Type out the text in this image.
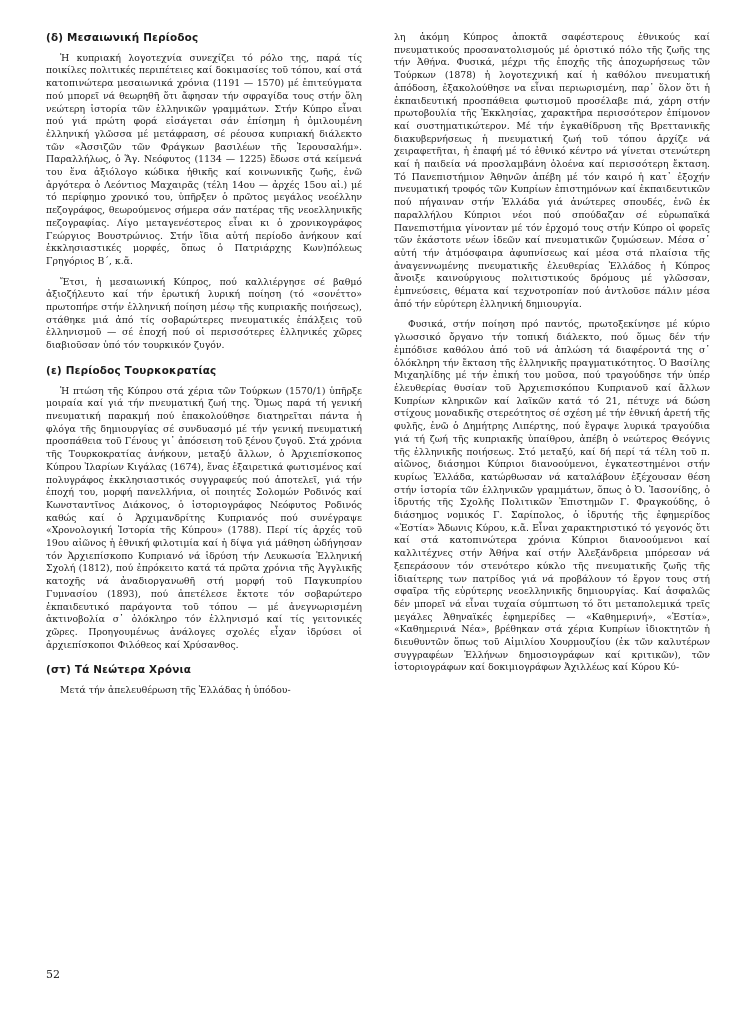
(δ) Μεσαιωνική Περίοδος

Ἡ κυπριακή λογοτεχνία συνεχίζει τό ρόλο της, παρά τίς ποικίλες πολιτικές περιπέτειες καί δοκιμασίες τοῦ τόπου, καί στά κατοπινώτερα μεσαιωνικά χρόνια (1191 — 1570) μέ ἐπιτεύγματα πού μπορεῖ νά θεωρηθῆ ὅτι ἄφησαν τήν σφραγίδα τους στήν ὅλη νεώτερη ἱστορία τῶν ἑλληνικῶν γραμμάτων. Στήν Κύπρο εἶναι πού γιά πρώτη φορά εἰσάγεται σάν ἐπίσημη ἡ ὁμιλουμένη ἑλληνική γλῶσσα μέ μετάφραση, σέ ρέουσα κυπριακή διάλεκτο τῶν «Ἀσσιζῶν τῶν Φράγκων βασιλέων τῆς Ἱερουσαλήμ». Παραλλήλως, ὁ Ἅγ. Νεόφυτος (1134 — 1225) ἔδωσε στά κείμενά του ἕνα ἀξιόλογο κώδικα ἠθικῆς καί κοινωνικῆς ζωῆς, ἐνῶ ἀργότερα ὁ Λεόντιος Μαχαιρᾶς (τέλη 14ου — ἀρχές 15ου αἰ.) μέ τό περίφημο χρονικό του, ὑπῆρξεν ὁ πρῶτος μεγάλος νεοέλλην πεζογράφος, θεωρούμενος σήμερα σάν πατέρας τῆς νεοελληνικῆς πεζογραφίας. Λίγο μεταγενέστερος εἶναι κι ὁ χρονικογράφος Γεώργιος Βουστρώνιος. Στήν ἴδια αὐτή περίοδο ἀνήκουν καί ἐκκλησιαστικές μορφές, ὅπως ὁ Πατριάρχης Κων)πόλεως Γρηγόριος Β΄, κ.ἄ.

Ἔτσι, ἡ μεσαιωνική Κύπρος, πού καλλιέργησε σέ βαθμό ἀξιοζήλευτο καί τήν ἐρωτική λυρική ποίηση (τό «σονέττο» πρωτοπήρε στήν ἑλληνική ποίηση μέσῳ τῆς κυπριακῆς ποιήσεως), στάθηκε μιά ἀπό τίς σοβαρώτερες πνευματικές ἐπάλξεις τοῦ ἑλληνισμοῦ — σέ ἐποχή πού οἱ περισσότερες ἑλληνικές χῶρες διαβιοῦσαν ὑπό τόν τουρκικόν ζυγόν.

(ε) Περίοδος Τουρκοκρατίας

Ἡ πτώση τῆς Κύπρου στά χέρια τῶν Τούρκων (1570/1) ὑπῆρξε μοιραία καί γιά τήν πνευματική ζωή της. Ὅμως παρά τή γενική πνευματική παρακμή πού ἐπακολούθησε διατηρεῖται πάντα ἡ φλόγα τῆς δημιουργίας σέ συνδυασμό μέ τήν γενική πνευματική προσπάθεια τοῦ Γένους γι᾽ ἀπόσειση τοῦ ξένου ζυγοῦ. Στά χρόνια τῆς Τουρκοκρατίας ἀνήκουν, μεταξύ ἄλλων, ὁ Ἀρχιεπίσκοπος Κύπρου Ἰλαρίων Κιγάλας (1674), ἕνας ἐξαιρετικά φωτισμένος καί πολυγράφος ἐκκλησιαστικός συγγραφεύς πού ἀποτελεῖ, γιά τήν ἐποχή του, μορφή πανελλήνια, οἱ ποιητές Σολομών Ροδινός καί Κωνσταντῖνος Διάκονος, ὁ ἱστοριογράφος Νεόφυτος Ροδινός καθώς καί ὁ Ἀρχιμανδρίτης Κυπριανός πού συνέγραψε «Χρονολογική Ἱστορία τῆς Κύπρου» (1788). Περί τίς ἀρχές τοῦ 19ου αἰῶνος ἡ ἐθνική φιλοτιμία καί ἡ δίψα γιά μάθηση ὡδήγησαν τόν Ἀρχιεπίσκοπο Κυπριανό νά ἱδρύση τήν Λευκωσία Ἑλληνική Σχολή (1812), πού ἐπρόκειτο κατά τά πρῶτα χρόνια τῆς Ἀγγλικῆς κατοχῆς νά ἀναδιοργανωθῆ στή μορφή τοῦ Παγκυπρίου Γυμνασίου (1893), πού ἀπετέλεσε ἔκτοτε τόν σοβαρώτερο ἐκπαιδευτικό παράγοντα τοῦ τόπου — μέ ἀνεγνωρισμένη ἀκτινοβολία σ᾽ ὁλόκληρο τόν ἑλληνισμό καί τίς γειτονικές χῶρες. Προηγουμένως ἀνάλογες σχολές εἶχαν ἱδρύσει οἱ ἀρχιεπίσκοποι Φιλόθεος καί Χρύσανθος.

(στ) Τά Νεώτερα Χρόνια

Μετά τήν ἀπελευθέρωση τῆς Ἑλλάδας ἡ ὑπόδου-

λη ἀκόμη Κύπρος ἀποκτᾶ σαφέστερους ἐθνικούς καί πνευματικούς προσανατολισμούς μέ ὁριστικό πόλο τῆς ζωῆς της τήν Ἀθήνα. Φυσικά, μέχρι τῆς ἐποχῆς τῆς ἀποχωρήσεως τῶν Τούρκων (1878) ἡ λογοτεχνική καί ἡ καθόλου πνευματική ἀπόδοση, ἐξακολούθησε να εἶναι περιωρισμένη, παρ᾽ ὅλον ὅτι ἡ ἐκπαιδευτική προσπάθεια φωτισμοῦ προσέλαβε πιά, χάρη στήν πρωτοβουλία τῆς Ἐκκλησίας, χαρακτῆρα περισσότερον ἐπίμονον καί συστηματικώτερον. Μέ τήν ἐγκαθίδρυση τῆς Βρεττανικῆς διακυβερνήσεως ἡ πνευματική ζωή τοῦ τόπου ἀρχίζε νά χειραφετῆται, ἡ ἐπαφή μέ τό ἐθνικό κέντρο νά γίνεται στενώτερη καί ἡ παιδεία νά προσλαμβάνη ὁλοένα καί περισσότερη ἔκταση. Τό Πανεπιστήμιον Ἀθηνῶν ἀπέβη μέ τόν καιρό ἡ κατ᾽ ἐξοχήν πνευματική τροφός τῶν Κυπρίων ἐπιστημόνων καί ἐκπαιδευτικῶν πού πήγαιναν στήν Ἑλλάδα γιά ἀνώτερες σπουδές, ἐνῶ ἐκ παραλλήλου Κύπριοι νέοι πού σπούδαζαν σέ εὐρωπαϊκά Πανεπιστήμια γίνονταν μέ τόν ἐρχομό τους στήν Κύπρο οἱ φορεῖς τῶν ἑκάστοτε νέων ἰδεῶν καί πνευματικῶν ζυμώσεων. Μέσα σ᾽ αὐτή τήν ἀτμόσφαιρα ἀφυπνίσεως καί μέσα στά πλαίσια τῆς ἀναγεννωμένης πνευματικῆς ἐλευθερίας Ἑλλάδος ἡ Κύπρος ἄνοιξε καινούργιους πολιτιστικούς δρόμους μέ γλῶσσαν, ἐμπνεύσεις, θέματα καί τεχνοτροπίαν πού ἀντλοῦσε πάλιν μέσα ἀπό τήν εὐρύτερη ἑλληνική δημιουργία.

Φυσικά, στήν ποίηση πρό παντός, πρωτοξεκίνησε μέ κύριο γλωσσικό ὄργανο τήν τοπική διάλεκτο, πού ὅμως δέν τήν ἐμπόδισε καθόλου ἀπό τοῦ νά ἀπλώση τά διαφέροντά της σ᾽ ὁλόκληρη τήν ἔκταση τῆς ἑλληνικῆς πραγματικότητος. Ὁ Βασίλης Μιχαηλίδης μέ τήν ἐπική του μοῦσα, πού τραγούδησε τήν ὑπέρ ἐλευθερίας θυσίαν τοῦ Ἀρχιεπισκόπου Κυπριανοῦ καί ἄλλων Κυπρίων κληρικῶν καί λαϊκῶν κατά τό 21, πέτυχε νά δώση στίχους μοναδικῆς στερεότητος σέ σχέση μέ τήν ἐθνική ἀρετή τῆς φυλῆς, ἐνῶ ὁ Δημήτρης Λιπέρτης, πού ἔγραψε λυρικά τραγούδια γιά τή ζωή τῆς κυπριακῆς ὑπαίθρου, ἀπέβη ὁ νεώτερος Θεόγνις τῆς ἑλληνικῆς ποιήσεως. Στό μεταξύ, καί δή περί τά τέλη τοῦ π. αἰῶνος, διάσημοι Κύπριοι διανοούμενοι, ἐγκατεστημένοι στήν κυρίως Ἑλλάδα, κατώρθωσαν νά καταλάβουν ἐξέχουσαν θέση στήν ἱστορία τῶν ἑλληνικῶν γραμμάτων, ὅπως ὁ Ὀ. Ἰασονίδης, ὁ ἱδρυτής τῆς Σχολῆς Πολιτικῶν Ἐπιστημῶν Γ. Φραγκούδης, ὁ διάσημος νομικός Γ. Σαρίπολος, ὁ ἱδρυτής τῆς ἐφημερίδος «Ἑστία» Ἄδωνις Κύρου, κ.ἄ. Εἶναι χαρακτηριστικό τό γεγονός ὅτι καί στά κατοπινώτερα χρόνια Κύπριοι διανοούμενοι καί καλλιτέχνες στήν Ἀθήνα καί στήν Ἀλεξάνδρεια μπόρεσαν νά ξεπεράσουν τόν στενότερο κύκλο τῆς πνευματικῆς ζωῆς τῆς ἰδιαίτερης των πατρίδος γιά νά προβάλουν τό ἔργον τους στή σφαῖρα τῆς εὐρύτερης νεοελληνικῆς δημιουργίας. Καί ἀσφαλῶς δέν μπορεῖ νά εἶναι τυχαία σύμπτωση τό ὅτι μεταπολεμικά τρεῖς μεγάλες Ἀθηναϊκές ἐφημερίδες — «Καθημερινή», «Ἑστία», «Καθημερινά Νέα», βρέθηκαν στά χέρια Κυπρίων ἰδιοκτητῶν ἡ διευθυντῶν ὅπως τοῦ Αἰμιλίου Χουρμουζίου (ἐκ τῶν καλυτέρων συγγραφέων Ἑλλήνων δημοσιογράφων καί κριτικῶν), τῶν ἱστοριογράφων καί δοκιμιογράφων Ἀχιλλέως καί Κύρου Κύ-

52
